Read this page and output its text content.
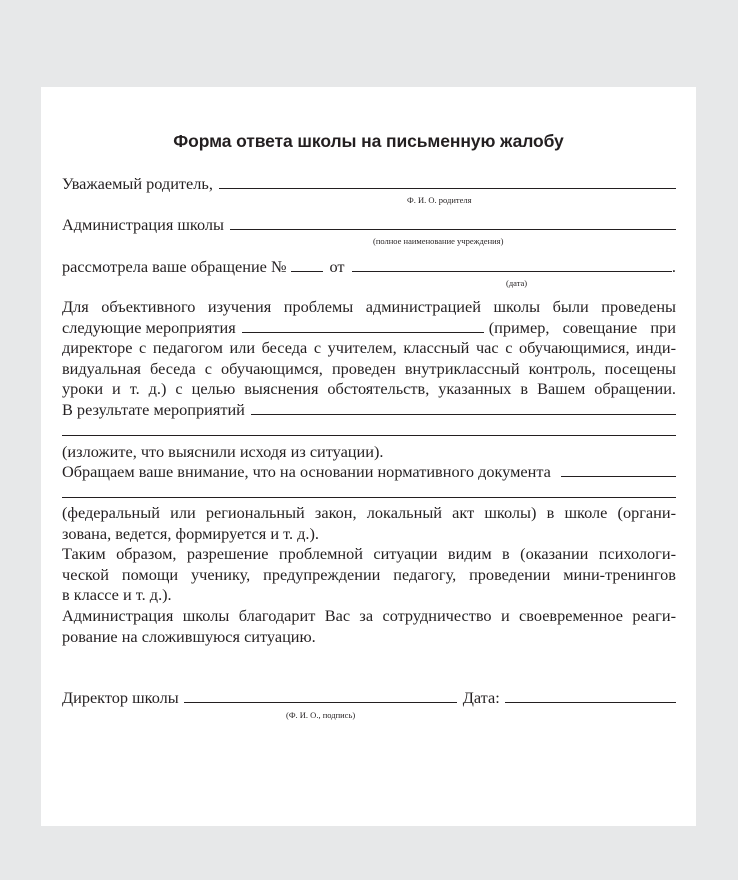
Форма ответа школы на письменную жалобу
Уважаемый родитель,
Ф. И. О. родителя
Администрация школы
(полное наименование учреждения)
рассмотрела ваше обращение №	от	.
(дата)
Для объективного изучения проблемы администрацией школы были проведены
следующие мероприятия	(пример, совещание при
директоре с педагогом или беседа с учителем, классный час с обучающимися, инди-
видуальная беседа с обучающимся, проведен внутриклассный контроль, посещены
уроки и т. д.) с целью выяснения обстоятельств, указанных в Вашем обращении.
В результате мероприятий
(изложите, что выяснили исходя из ситуации).
Обращаем ваше внимание, что на основании нормативного документа
(федеральный или региональный закон, локальный акт школы) в школе (органи-
зована, ведется, формируется и т. д.).
Таким образом, разрешение проблемной ситуации видим в (оказании психологи-
ческой помощи ученику, предупреждении педагогу, проведении мини-тренингов
в классе и т. д.).
Администрация школы благодарит Вас за сотрудничество и своевременное реаги-
рование на сложившуюся ситуацию.
Директор школы	Дата:
(Ф. И. О., подпись)
